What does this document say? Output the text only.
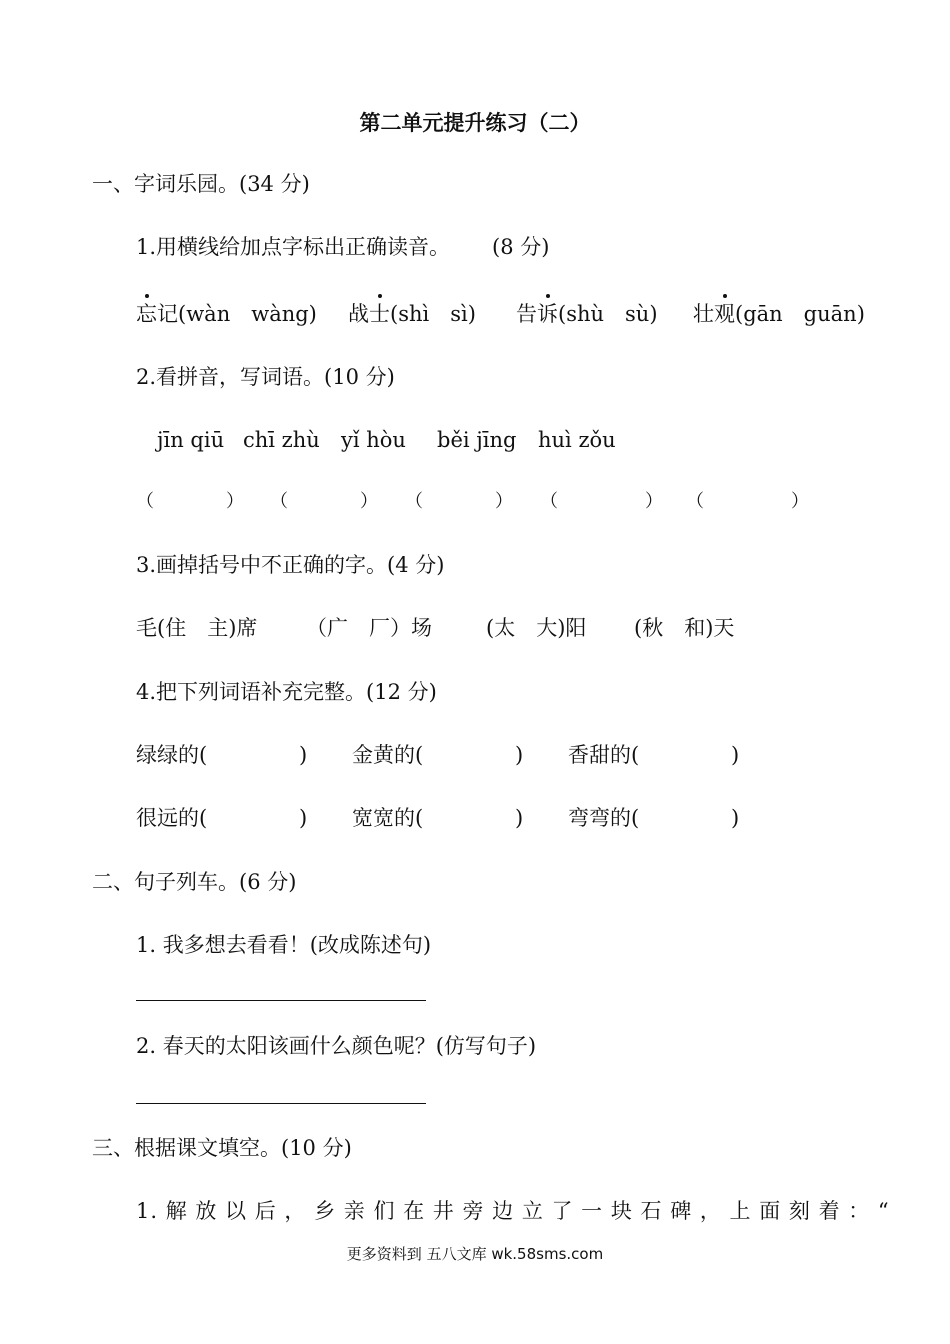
第二单元提升练习（二）
一、字词乐园。(34 分)
1.用横线给加点字标出正确读音。 (8 分)
忘记(wàn　wàng) 战士(shì　sì) 告诉(shù　sù) 壮观(gān　guān)
2.看拼音，写词语。(10 分)
jīn qiū chī zhù yǐ hòu běi jīng huì zǒu
（　　　　） （　　　　） （　　　　） （　　　　） （　　　　）
3.画掉括号中不正确的字。(4 分)
毛(住　主)席 （广　厂）场	(太　大)阳 (秋　和)天
4.把下列词语补充完整。(12 分)
绿绿的(	) 金黄的(	) 香甜的(	)
很远的(	) 宽宽的(	) 弯弯的(	)
二、句子列车。(6 分)
1. 我多想去看看！(改成陈述句)
2. 春天的太阳该画什么颜色呢？(仿写句子)
三、根据课文填空。(10 分)
1. 解 放 以 后 ， 乡 亲 们 在 井 旁 边 立 了 一 块 石 碑 ， 上 面 刻 着 ： “
更多资料到 五八文库 wk.58sms.com
